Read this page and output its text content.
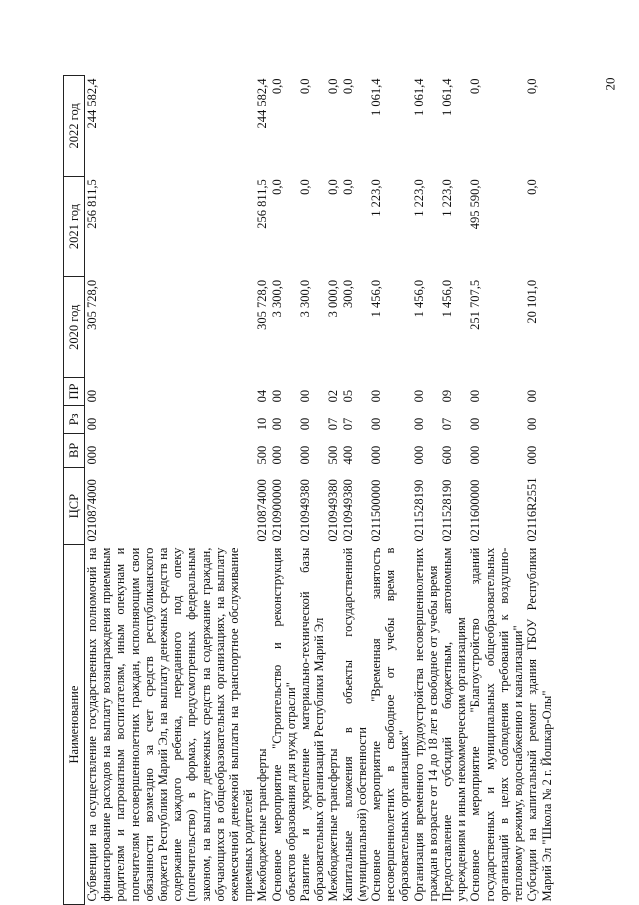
20
Наименование	ЦСР	ВР	Рз	ПР	2020 год	2021 год	2022 год
Субвенции на осуществление государственных полномочий на финансирование расходов на выплату вознаграждения приемным родителям и патронатным воспитателям, иным опекунам и попечителям несовершеннолетних граждан, исполняющим свои обязанности возмездно за счет средств республиканского бюджета Республики Марий Эл, на выплату денежных средств на содержание каждого ребенка, переданного под опеку (попечительство) в формах, предусмотренных федеральным законом, на выплату денежных средств на содержание граждан, обучающихся в общеобразовательных организациях, на выплату ежемесячной денежной выплаты на транспортное обслуживание приемных родителей	0210874000	000	00	00	305 728,0	256 811,5	244 582,4
Межбюджетные трансферты	0210874000	500	10	04	305 728,0	256 811,5	244 582,4
Основное мероприятие "Строительство и реконструкция объектов образования для нужд отрасли"	0210900000	000	00	00	3 300,0	0,0	0,0
Развитие и укрепление материально-технической базы образовательных организаций Республики Марий Эл	0210949380	000	00	00	3 300,0	0,0	0,0
Межбюджетные трансферты	0210949380	500	07	02	3 000,0	0,0	0,0
Капитальные вложения в объекты государственной (муниципальной) собственности	0210949380	400	07	05	300,0	0,0	0,0
Основное мероприятие "Временная занятость несовершеннолетних в свободное от учебы время в образовательных организациях"	0211500000	000	00	00	1 456,0	1 223,0	1 061,4
Организация временного трудоустройства несовершеннолетних граждан в возрасте от 14 до 18 лет в свободное от учебы время	0211528190	000	00	00	1 456,0	1 223,0	1 061,4
Предоставление субсидий бюджетным, автономным учреждениям и иным некоммерческим организациям	0211528190	600	07	09	1 456,0	1 223,0	1 061,4
Основное мероприятие "Благоустройство зданий государственных и муниципальных общеобразовательных организаций в целях соблюдения требований к воздушно-тепловому режиму, водоснабжению и канализации"	0211600000	000	00	00	251 707,5	495 590,0	0,0
Субсидии на капитальный ремонт здания ГБОУ Республики Марий Эл "Школа № 2 г. Йошкар-Олы"	02116R2551	000	00	00	20 101,0	0,0	0,0
